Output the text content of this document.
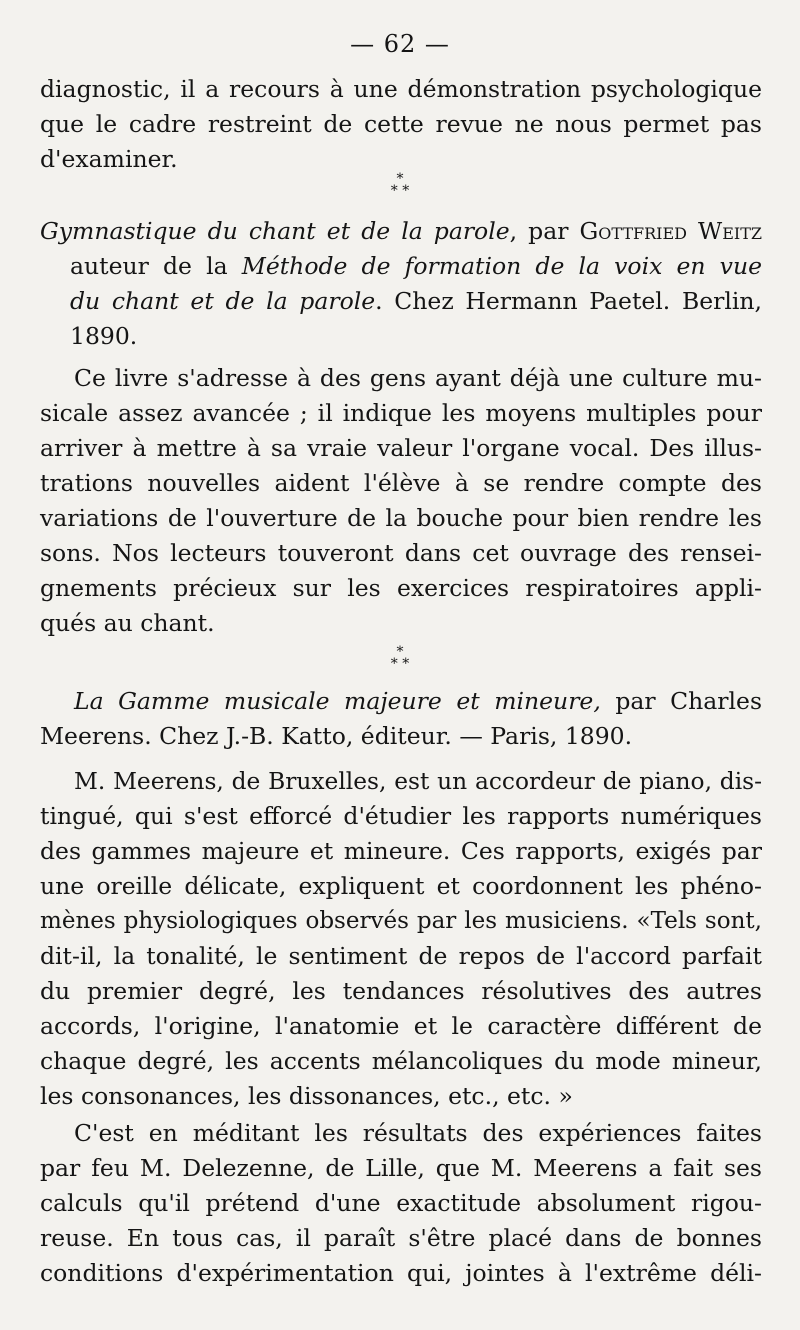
— 62 —
diagnostic, il a recours à une démonstration psychologique
que le cadre restreint de cette revue ne nous permet pas
d'examiner.
*
* *
Gymnastique du chant et de la parole, par Gottfried Weitz
auteur de la Méthode de formation de la voix en vue
du chant et de la parole. Chez Hermann Paetel. Berlin,
1890.
Ce livre s'adresse à des gens ayant déjà une culture mu-
sicale assez avancée ; il indique les moyens multiples pour
arriver à mettre à sa vraie valeur l'organe vocal. Des illus-
trations nouvelles aident l'élève à se rendre compte des
variations de l'ouverture de la bouche pour bien rendre les
sons. Nos lecteurs touveront dans cet ouvrage des rensei-
gnements précieux sur les exercices respiratoires appli-
qués au chant.
*
* *
La Gamme musicale majeure et mineure, par Charles
Meerens. Chez J.-B. Katto, éditeur. — Paris, 1890.
M. Meerens, de Bruxelles, est un accordeur de piano, dis-
tingué, qui s'est efforcé d'étudier les rapports numériques
des gammes majeure et mineure. Ces rapports, exigés par
une oreille délicate, expliquent et coordonnent les phéno-
mènes physiologiques observés par les musiciens. «Tels sont,
dit-il, la tonalité, le sentiment de repos de l'accord parfait
du premier degré, les tendances résolutives des autres
accords, l'origine, l'anatomie et le caractère différent de
chaque degré, les accents mélancoliques du mode mineur,
les consonances, les dissonances, etc., etc. »
C'est en méditant les résultats des expériences faites
par feu M. Delezenne, de Lille, que M. Meerens a fait ses
calculs qu'il prétend d'une exactitude absolument rigou-
reuse. En tous cas, il paraît s'être placé dans de bonnes
conditions d'expérimentation qui, jointes à l'extrême déli-
